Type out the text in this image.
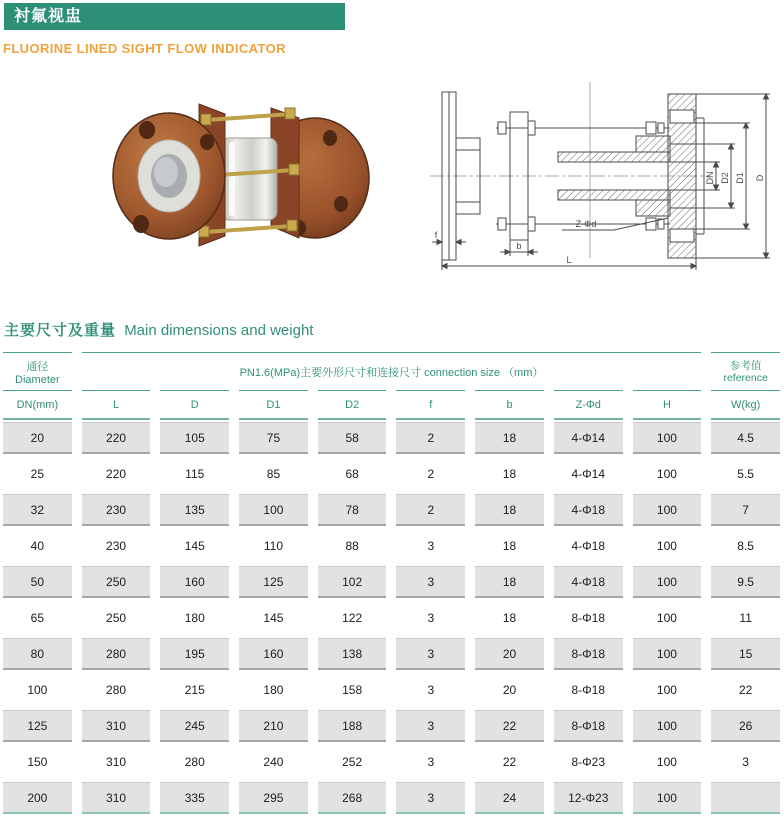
衬氟视盅
FLUORINE LINED SIGHT FLOW INDICATOR
DN D2 D1 D
L
b
f
Z-Φd
主要尺寸及重量 Main dimensions and weight
通径 Diameter
PN1.6(MPa)主要外形尺寸和连接尺寸 connection size （mm）
参考值
reference
DN(mm)	L	D	D1	D2	f	b	Z-Φd	H	W(kg)
20	220	105	75	58	2	18	4-Φ14	100	4.5
25	220	115	85	68	2	18	4-Φ14	100	5.5
32	230	135	100	78	2	18	4-Φ18	100	7
40	230	145	110	88	3	18	4-Φ18	100	8.5
50	250	160	125	102	3	18	4-Φ18	100	9.5
65	250	180	145	122	3	18	8-Φ18	100	11
80	280	195	160	138	3	20	8-Φ18	100	15
100	280	215	180	158	3	20	8-Φ18	100	22
125	310	245	210	188	3	22	8-Φ18	100	26
150	310	280	240	252	3	22	8-Φ23	100	3
200	310	335	295	268	3	24	12-Φ23	100
